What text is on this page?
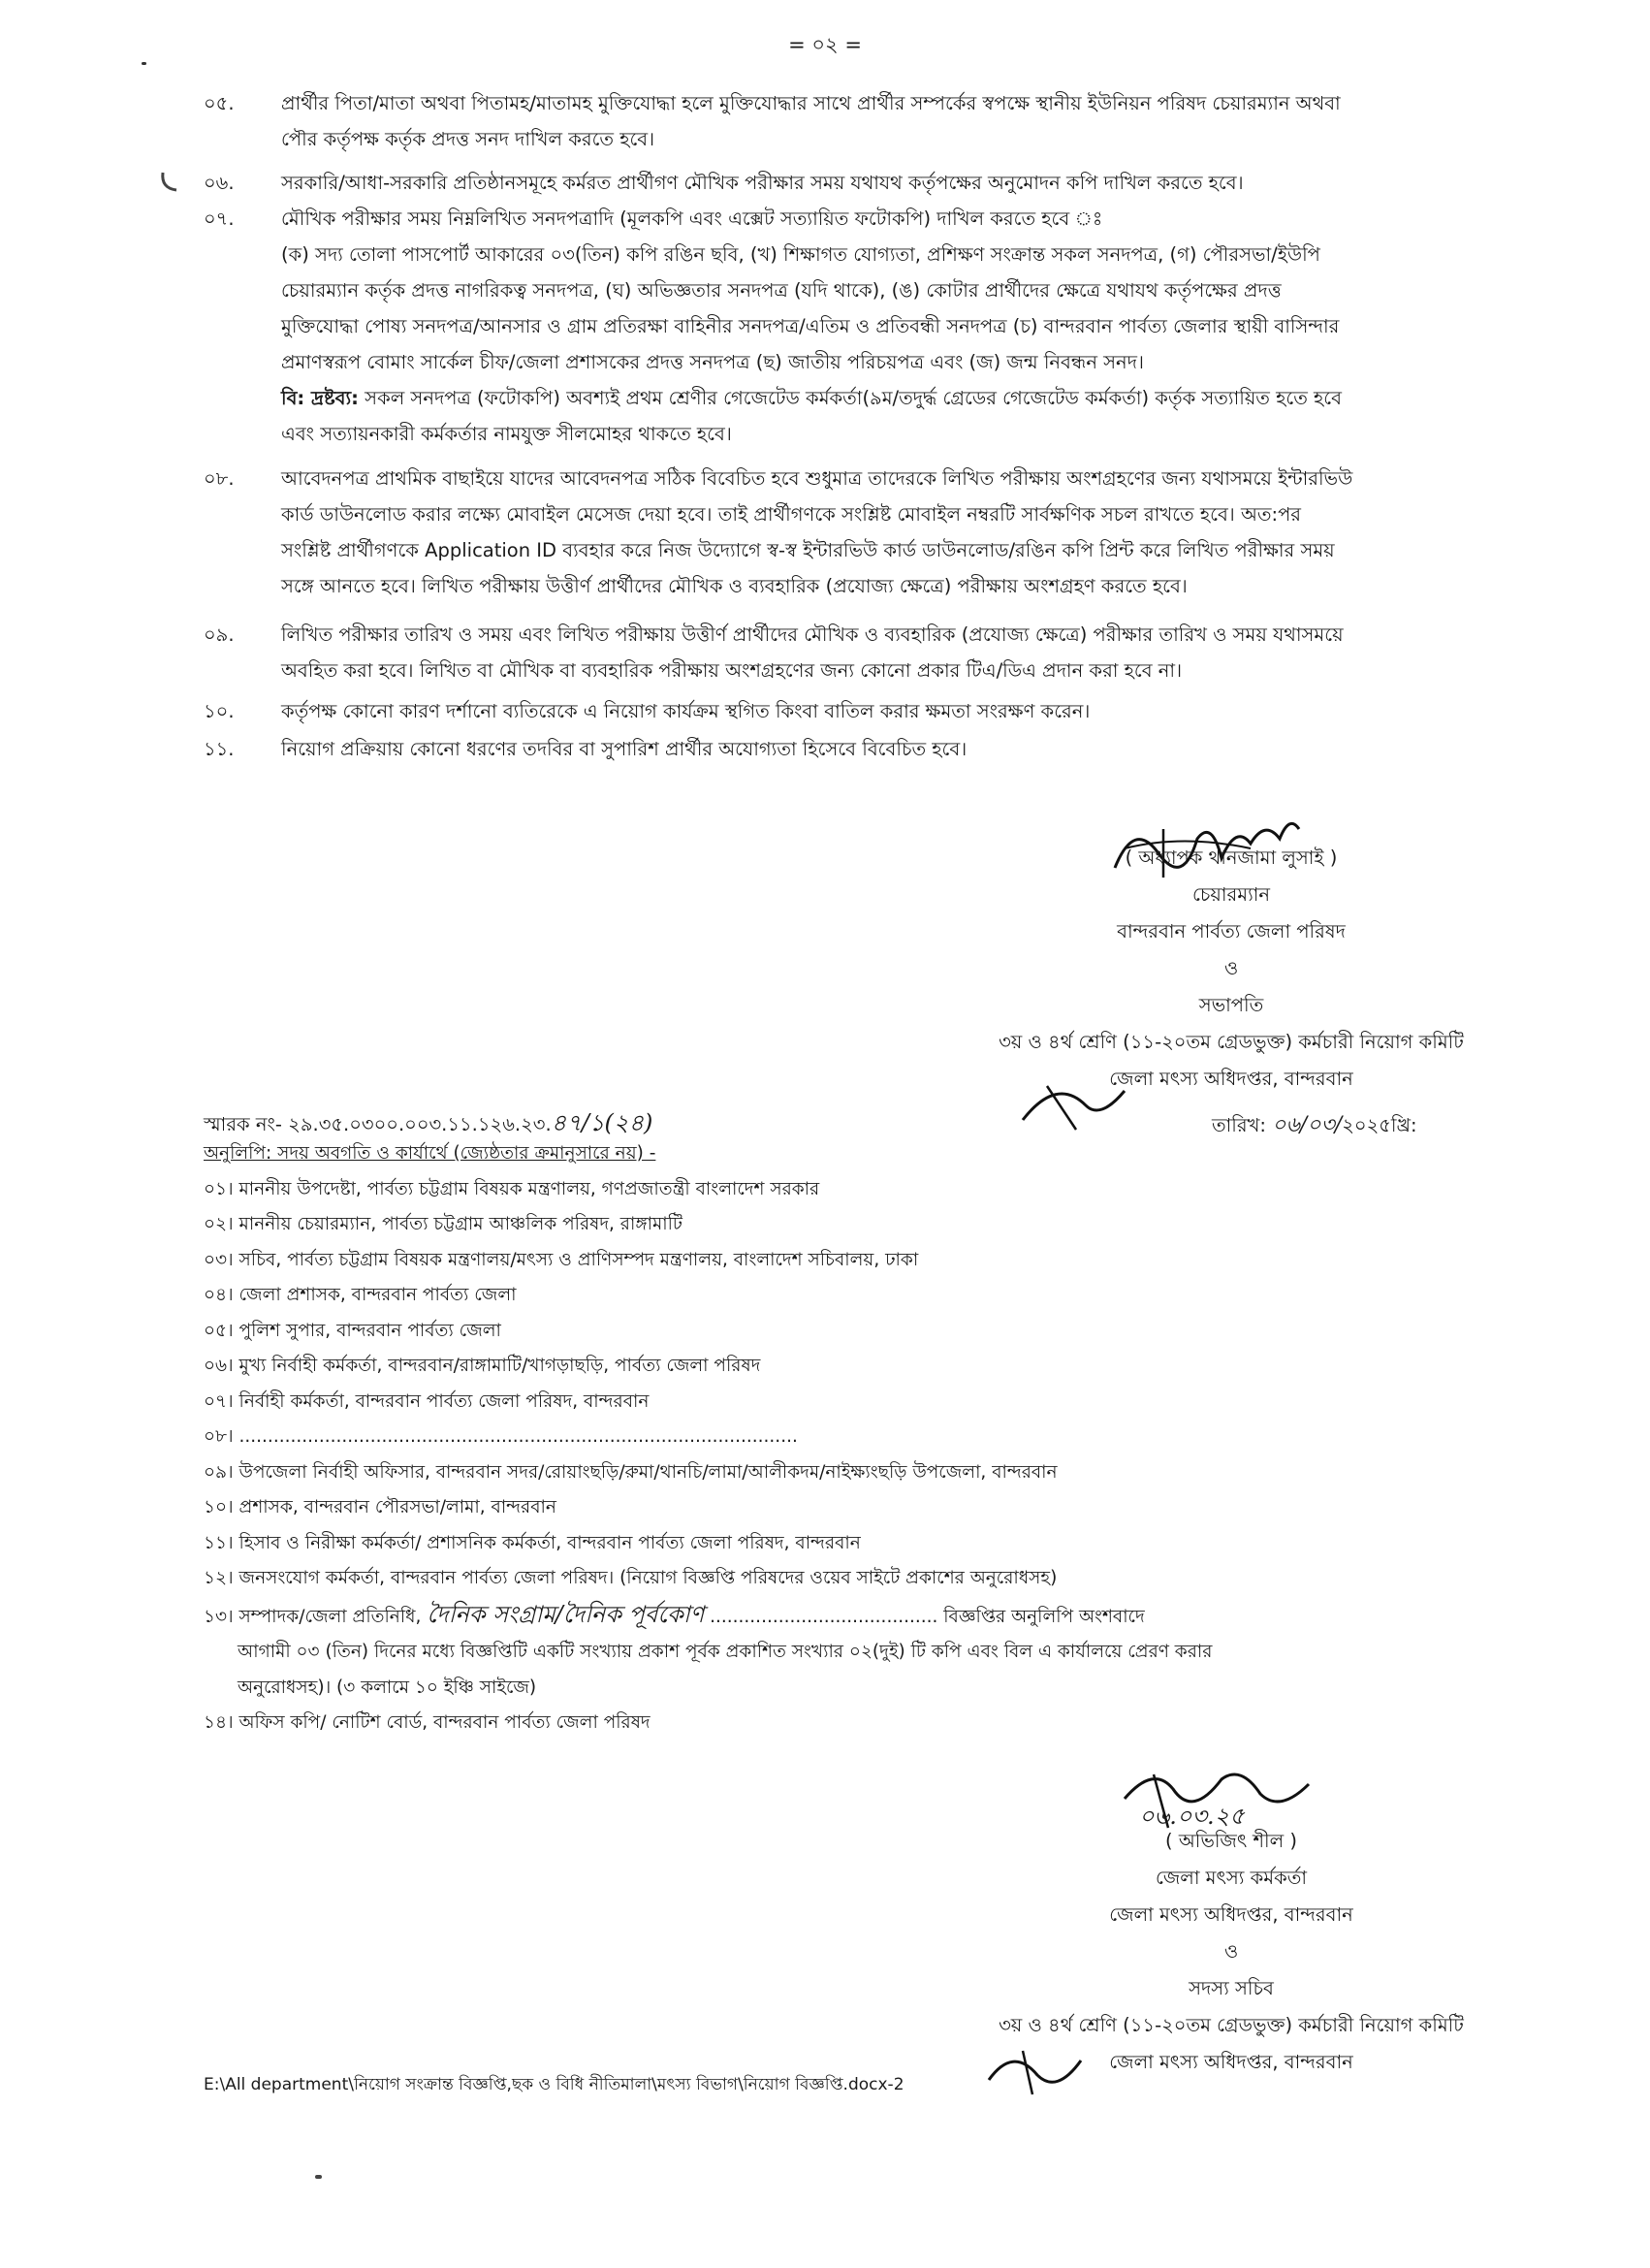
= ০২ =
০৫.	প্রার্থীর পিতা/মাতা অথবা পিতামহ/মাতামহ মুক্তিযোদ্ধা হলে মুক্তিযোদ্ধার সাথে প্রার্থীর সম্পর্কের স্বপক্ষে স্থানীয় ইউনিয়ন পরিষদ চেয়ারম্যান অথবা

পৌর কর্তৃপক্ষ কর্তৃক প্রদত্ত সনদ দাখিল করতে হবে।

০৬.	সরকারি/আধা-সরকারি প্রতিষ্ঠানসমূহে কর্মরত প্রার্থীগণ মৌখিক পরীক্ষার সময় যথাযথ কর্তৃপক্ষের অনুমোদন কপি দাখিল করতে হবে।

০৭.	মৌখিক পরীক্ষার সময় নিম্নলিখিত সনদপত্রাদি (মূলকপি এবং এক্সেট সত্যায়িত ফটোকপি) দাখিল করতে হবে ঃ

(ক) সদ্য তোলা পাসপোর্ট আকারের ০৩(তিন) কপি রঙিন ছবি, (খ) শিক্ষাগত যোগ্যতা, প্রশিক্ষণ সংক্রান্ত সকল সনদপত্র, (গ) পৌরসভা/ইউপি

চেয়ারম্যান কর্তৃক প্রদত্ত নাগরিকত্ব সনদপত্র, (ঘ) অভিজ্ঞতার সনদপত্র (যদি থাকে), (ঙ) কোটার প্রার্থীদের ক্ষেত্রে যথাযথ কর্তৃপক্ষের প্রদত্ত

মুক্তিযোদ্ধা পোষ্য সনদপত্র/আনসার ও গ্রাম প্রতিরক্ষা বাহিনীর সনদপত্র/এতিম ও প্রতিবন্ধী সনদপত্র (চ) বান্দরবান পার্বত্য জেলার স্থায়ী বাসিন্দার

প্রমাণস্বরূপ বোমাং সার্কেল চীফ/জেলা প্রশাসকের প্রদত্ত সনদপত্র (ছ) জাতীয় পরিচয়পত্র এবং (জ) জন্ম নিবন্ধন সনদ।

বি: দ্রষ্টব্য: সকল সনদপত্র (ফটোকপি) অবশ্যই প্রথম শ্রেণীর গেজেটেড কর্মকর্তা(৯ম/তদুর্দ্ধ গ্রেডের গেজেটেড কর্মকর্তা) কর্তৃক সত্যায়িত হতে হবে

এবং সত্যায়নকারী কর্মকর্তার নামযুক্ত সীলমোহর থাকতে হবে।

০৮.	আবেদনপত্র প্রাথমিক বাছাইয়ে যাদের আবেদনপত্র সঠিক বিবেচিত হবে শুধুমাত্র তাদেরকে লিখিত পরীক্ষায় অংশগ্রহণের জন্য যথাসময়ে ইন্টারভিউ

কার্ড ডাউনলোড করার লক্ষ্যে মোবাইল মেসেজ দেয়া হবে। তাই প্রার্থীগণকে সংশ্লিষ্ট মোবাইল নম্বরটি সার্বক্ষণিক সচল রাখতে হবে। অত:পর

সংশ্লিষ্ট প্রার্থীগণকে Application ID ব্যবহার করে নিজ উদ্যোগে স্ব-স্ব ইন্টারভিউ কার্ড ডাউনলোড/রঙিন কপি প্রিন্ট করে লিখিত পরীক্ষার সময়

সঙ্গে আনতে হবে। লিখিত পরীক্ষায় উত্তীর্ণ প্রার্থীদের মৌখিক ও ব্যবহারিক (প্রযোজ্য ক্ষেত্রে) পরীক্ষায় অংশগ্রহণ করতে হবে।

০৯.	লিখিত পরীক্ষার তারিখ ও সময় এবং লিখিত পরীক্ষায় উত্তীর্ণ প্রার্থীদের মৌখিক ও ব্যবহারিক (প্রযোজ্য ক্ষেত্রে) পরীক্ষার তারিখ ও সময় যথাসময়ে

অবহিত করা হবে। লিখিত বা মৌখিক বা ব্যবহারিক পরীক্ষায় অংশগ্রহণের জন্য কোনো প্রকার টিএ/ডিএ প্রদান করা হবে না।

১০.	কর্তৃপক্ষ কোনো কারণ দর্শানো ব্যতিরেকে এ নিয়োগ কার্যক্রম স্থগিত কিংবা বাতিল করার ক্ষমতা সংরক্ষণ করেন।

১১.	নিয়োগ প্রক্রিয়ায় কোনো ধরণের তদবির বা সুপারিশ প্রার্থীর অযোগ্যতা হিসেবে বিবেচিত হবে।

( অধ্যাপক থানজামা লুসাই )
চেয়ারম্যান
বান্দরবান পার্বত্য জেলা পরিষদ
ও
সভাপতি
৩য় ও ৪র্থ শ্রেণি (১১-২০তম গ্রেডভুক্ত) কর্মচারী নিয়োগ কমিটি
জেলা মৎস্য অধিদপ্তর, বান্দরবান
স্মারক নং- ২৯.৩৫.০৩০০.০০৩.১১.১২৬.২৩.৪৭/১(২৪)	তারিখ: ০৬/০৩/২০২৫খ্রি:
অনুলিপি: সদয় অবগতি ও কার্যার্থে (জ্যেষ্ঠতার ক্রমানুসারে নয়) -
০১। মাননীয় উপদেষ্টা, পার্বত্য চট্টগ্রাম বিষয়ক মন্ত্রণালয়, গণপ্রজাতন্ত্রী বাংলাদেশ সরকার
০২। মাননীয় চেয়ারম্যান, পার্বত্য চট্টগ্রাম আঞ্চলিক পরিষদ, রাঙ্গামাটি
০৩। সচিব, পার্বত্য চট্টগ্রাম বিষয়ক মন্ত্রণালয়/মৎস্য ও প্রাণিসম্পদ মন্ত্রণালয়, বাংলাদেশ সচিবালয়, ঢাকা
০৪। জেলা প্রশাসক, বান্দরবান পার্বত্য জেলা
০৫। পুলিশ সুপার, বান্দরবান পার্বত্য জেলা
০৬। মুখ্য নির্বাহী কর্মকর্তা, বান্দরবান/রাঙ্গামাটি/খাগড়াছড়ি, পার্বত্য জেলা পরিষদ
০৭। নির্বাহী কর্মকর্তা, বান্দরবান পার্বত্য জেলা পরিষদ, বান্দরবান
০৮। ..................................................................................................
০৯। উপজেলা নির্বাহী অফিসার, বান্দরবান সদর/রোয়াংছড়ি/রুমা/থানচি/লামা/আলীকদম/নাইক্ষ্যংছড়ি উপজেলা, বান্দরবান
১০। প্রশাসক, বান্দরবান পৌরসভা/লামা, বান্দরবান
১১। হিসাব ও নিরীক্ষা কর্মকর্তা/ প্রশাসনিক কর্মকর্তা, বান্দরবান পার্বত্য জেলা পরিষদ, বান্দরবান
১২। জনসংযোগ কর্মকর্তা, বান্দরবান পার্বত্য জেলা পরিষদ। (নিয়োগ বিজ্ঞপ্তি পরিষদের ওয়েব সাইটে প্রকাশের অনুরোধসহ)
১৩। সম্পাদক/জেলা প্রতিনিধি, দৈনিক সংগ্রাম/দৈনিক পূর্বকোণ ........................................ বিজ্ঞপ্তির অনুলিপি অংশবাদে
আগামী ০৩ (তিন) দিনের মধ্যে বিজ্ঞপ্তিটি একটি সংখ্যায় প্রকাশ পূর্বক প্রকাশিত সংখ্যার ০২(দুই) টি কপি এবং বিল এ কার্যালয়ে প্রেরণ করার
অনুরোধসহ)। (৩ কলামে ১০ ইঞ্চি সাইজে)
১৪। অফিস কপি/ নোটিশ বোর্ড, বান্দরবান পার্বত্য জেলা পরিষদ
০৬.০৩.২৫
( অভিজিৎ শীল )
জেলা মৎস্য কর্মকর্তা
জেলা মৎস্য অধিদপ্তর, বান্দরবান
ও
সদস্য সচিব
৩য় ও ৪র্থ শ্রেণি (১১-২০তম গ্রেডভুক্ত) কর্মচারী নিয়োগ কমিটি
জেলা মৎস্য অধিদপ্তর, বান্দরবান
E:\All department\নিয়োগ সংক্রান্ত বিজ্ঞপ্তি,ছক ও বিধি নীতিমালা\মৎস্য বিভাগ\নিয়োগ বিজ্ঞপ্তি.docx-2
